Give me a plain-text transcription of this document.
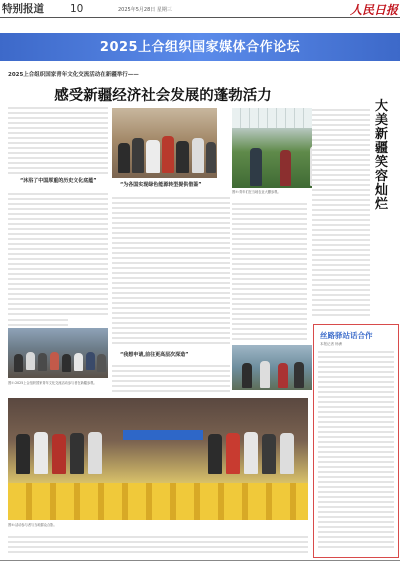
特别报道 10	2025年5月28日 星期三	人民日报
2025上合组织国家媒体合作论坛
2025上合组织国家青年文化交流活动在新疆举行——
感受新疆经济社会发展的蓬勃活力
“沐浴了中国厚重的历史文化底蕴”
图①:2025上合组织国家青年文化交流活动参与者在新疆参观。
“为各国实现绿色能源转型提供借鉴”
图②:青年们在当地农业大棚参观。
大美新疆 笑容灿烂
“我想申请,前往更高层次深造”
图③:活动参与者与当地群众合影。
丝路驿站话合作
本报记者 杨洲
